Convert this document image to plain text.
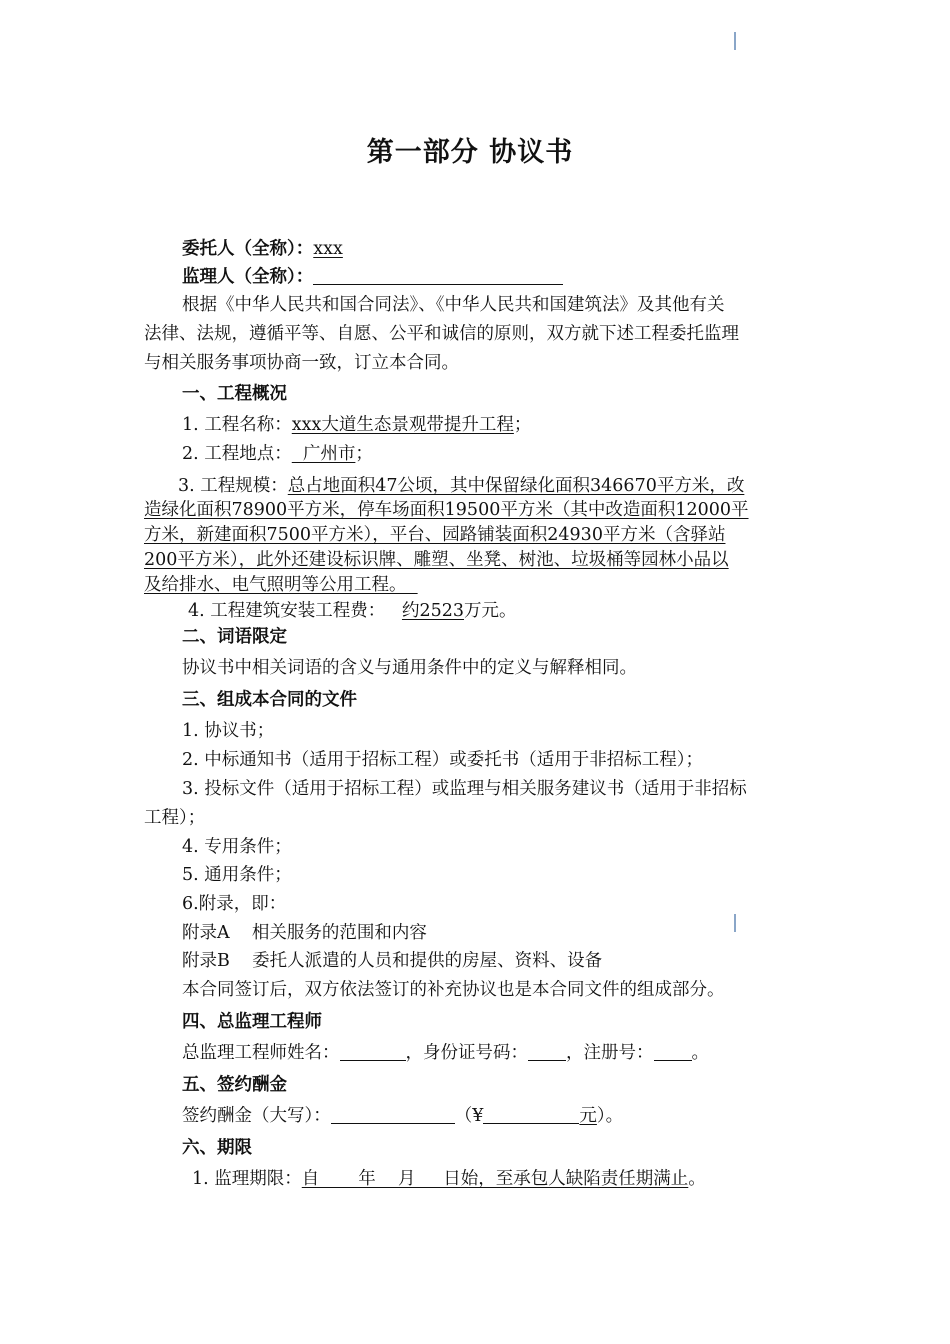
第一部分 协议书
委托人（全称）：xxx
监理人（全称）：
根据《中华人民共和国合同法》、《中华人民共和国建筑法》及其他有关
法律、法规，遵循平等、自愿、公平和诚信的原则，双方就下述工程委托监理
与相关服务事项协商一致，订立本合同。
一、工程概况
1. 工程名称：xxx大道生态景观带提升工程；
2. 工程地点：  广州市；
3. 工程规模：总占地面积47公顷，其中保留绿化面积346670平方米，改
造绿化面积78900平方米，停车场面积19500平方米（其中改造面积12000平
方米，新建面积7500平方米），平台、园路铺装面积24930平方米（含驿站
200平方米），此外还建设标识牌、雕塑、坐凳、树池、垃圾桶等园林小品以
及给排水、电气照明等公用工程。
4. 工程建筑安装工程费： 约2523万元。
二、词语限定
协议书中相关词语的含义与通用条件中的定义与解释相同。
三、组成本合同的文件
1. 协议书；
2. 中标通知书（适用于招标工程）或委托书（适用于非招标工程）；
3. 投标文件（适用于招标工程）或监理与相关服务建议书（适用于非招标
工程）；
4. 专用条件；
5. 通用条件；
6.附录，即：
附录A    相关服务的范围和内容
附录B    委托人派遣的人员和提供的房屋、资料、设备
本合同签订后，双方依法签订的补充协议也是本合同文件的组成部分。
四、总监理工程师
总监理工程师姓名：	，身份证号码： ，注册号： 。
五、签约酬金
签约酬金（大写）：	（¥	元）。
六、期限
1. 监理期限：自       年    月     日始，至承包人缺陷责任期满止。
